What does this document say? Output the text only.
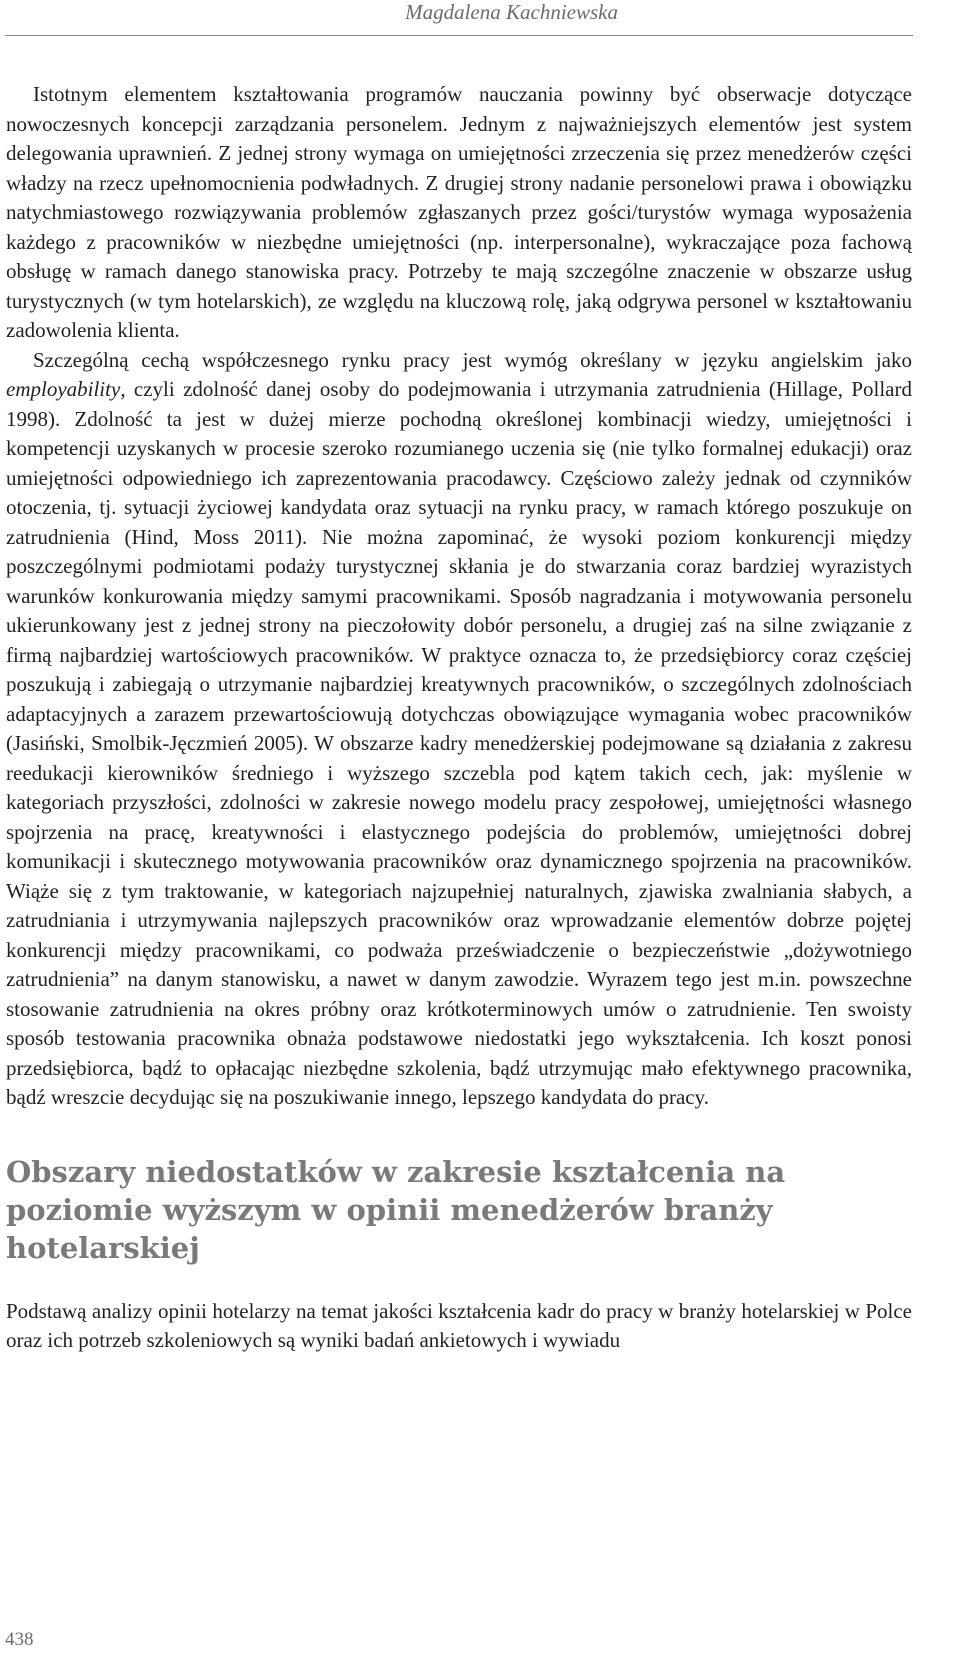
Magdalena Kachniewska

Istotnym elementem kształtowania programów nauczania powinny być obserwacje dotyczące nowoczesnych koncepcji zarządzania personelem. Jednym z najważniejszych elementów jest system delegowania uprawnień. Z jednej strony wymaga on umiejętności zrzeczenia się przez menedżerów części władzy na rzecz upełnomocnienia podwładnych. Z drugiej strony nadanie personelowi prawa i obowiązku natychmiastowego rozwiązywania problemów zgłaszanych przez gości/turystów wymaga wyposażenia każdego z pracowników w niezbędne umiejętności (np. interpersonalne), wykraczające poza fachową obsługę w ramach danego stanowiska pracy. Potrzeby te mają szczególne znaczenie w obszarze usług turystycznych (w tym hotelarskich), ze względu na kluczową rolę, jaką odgrywa personel w kształtowaniu zadowolenia klienta.

Szczególną cechą współczesnego rynku pracy jest wymóg określany w języku angielskim jako employability, czyli zdolność danej osoby do podejmowania i utrzymania zatrudnienia (Hillage, Pollard 1998). Zdolność ta jest w dużej mierze pochodną określonej kombinacji wiedzy, umiejętności i kompetencji uzyskanych w procesie szeroko rozumianego uczenia się (nie tylko formalnej edukacji) oraz umiejętności odpowiedniego ich zaprezentowania pracodawcy. Częściowo zależy jednak od czynników otoczenia, tj. sytuacji życiowej kandydata oraz sytuacji na rynku pracy, w ramach którego poszukuje on zatrudnienia (Hind, Moss 2011). Nie można zapominać, że wysoki poziom konkurencji między poszczególnymi podmiotami podaży turystycznej skłania je do stwarzania coraz bardziej wyrazistych warunków konkurowania między samymi pracownikami. Sposób nagradzania i motywowania personelu ukierunkowany jest z jednej strony na pieczołowity dobór personelu, a drugiej zaś na silne związanie z firmą najbardziej wartościowych pracowników. W praktyce oznacza to, że przedsiębiorcy coraz częściej poszukują i zabiegają o utrzymanie najbardziej kreatywnych pracowników, o szczególnych zdolnościach adaptacyjnych a zarazem przewartościowują dotychczas obowiązujące wymagania wobec pracowników (Jasiński, Smolbik-Jęczmień 2005). W obszarze kadry menedżerskiej podejmowane są działania z zakresu reedukacji kierowników średniego i wyższego szczebla pod kątem takich cech, jak: myślenie w kategoriach przyszłości, zdolności w zakresie nowego modelu pracy zespołowej, umiejętności własnego spojrzenia na pracę, kreatywności i elastycznego podejścia do problemów, umiejętności dobrej komunikacji i skutecznego motywowania pracowników oraz dynamicznego spojrzenia na pracowników. Wiąże się z tym traktowanie, w kategoriach najzupełniej naturalnych, zjawiska zwalniania słabych, a zatrudniania i utrzymywania najlepszych pracowników oraz wprowadzanie elementów dobrze pojętej konkurencji między pracownikami, co podważa przeświadczenie o bezpieczeństwie „dożywotniego zatrudnienia” na danym stanowisku, a nawet w danym zawodzie. Wyrazem tego jest m.in. powszechne stosowanie zatrudnienia na okres próbny oraz krótkoterminowych umów o zatrudnienie. Ten swoisty sposób testowania pracownika obnaża podstawowe niedostatki jego wykształcenia. Ich koszt ponosi przedsiębiorca, bądź to opłacając niezbędne szkolenia, bądź utrzymując mało efektywnego pracownika, bądź wreszcie decydując się na poszukiwanie innego, lepszego kandydata do pracy.

Obszary niedostatków w zakresie kształcenia na poziomie wyższym w opinii menedżerów branży hotelarskiej

Podstawą analizy opinii hotelarzy na temat jakości kształcenia kadr do pracy w branży hotelarskiej w Polce oraz ich potrzeb szkoleniowych są wyniki badań ankietowych i wywiadu

438
